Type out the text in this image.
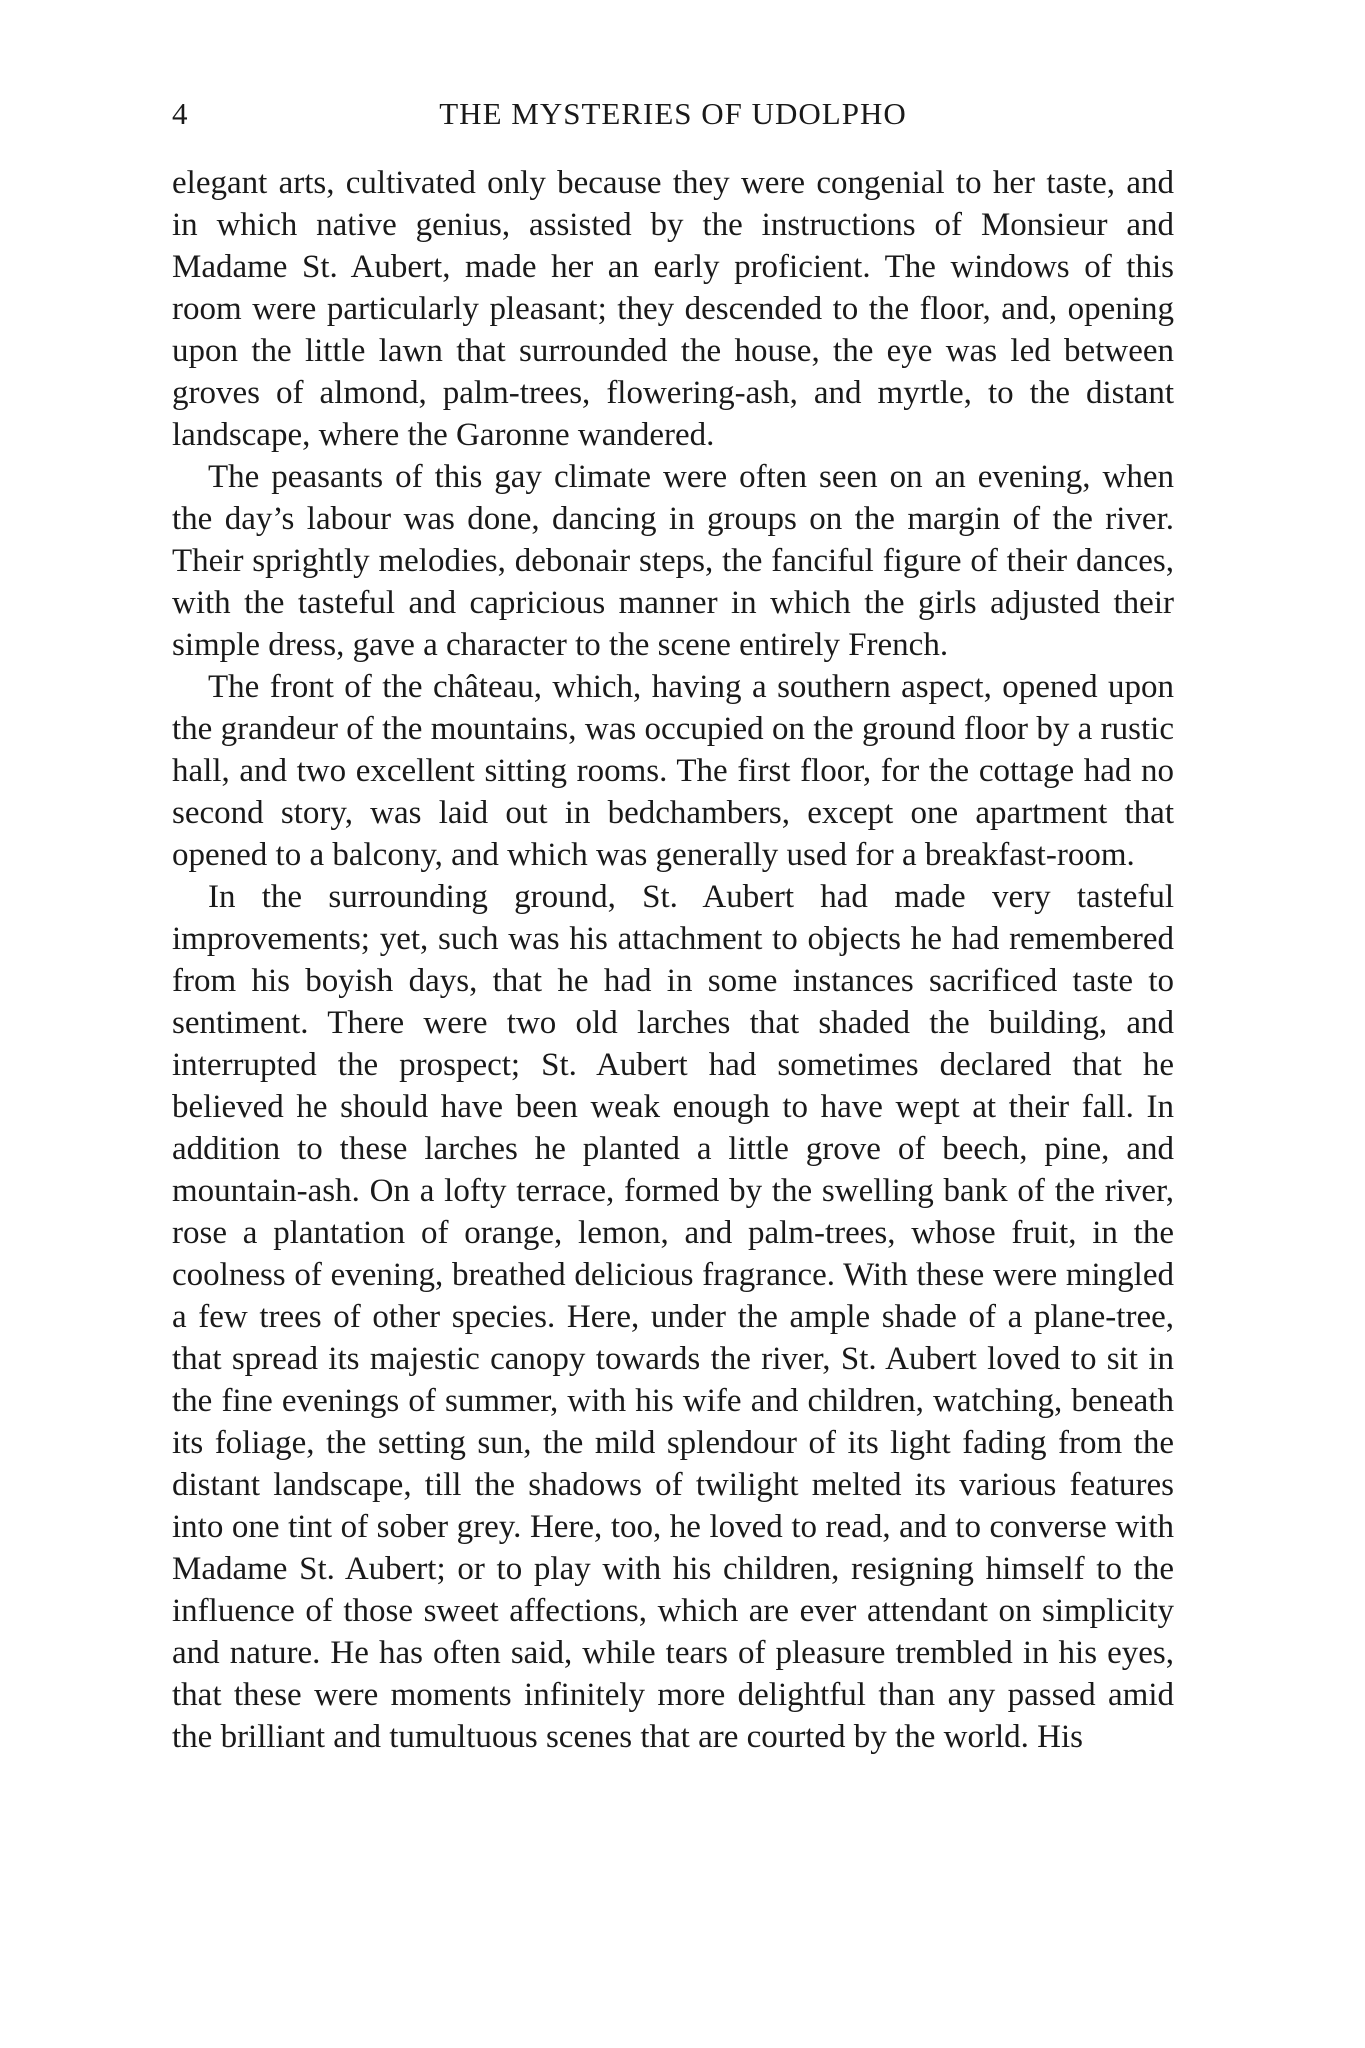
4	THE MYSTERIES OF UDOLPHO

elegant arts, cultivated only because they were congenial to her taste, and in which native genius, assisted by the instructions of Monsieur and Madame St. Aubert, made her an early proficient. The windows of this room were particularly pleasant; they descended to the floor, and, opening upon the little lawn that surrounded the house, the eye was led between groves of almond, palm-trees, flowering-ash, and myrtle, to the distant landscape, where the Garonne wandered.

The peasants of this gay climate were often seen on an evening, when the day’s labour was done, dancing in groups on the margin of the river. Their sprightly melodies, debonair steps, the fanciful figure of their dances, with the tasteful and capricious manner in which the girls adjusted their simple dress, gave a character to the scene entirely French.

The front of the château, which, having a southern aspect, opened upon the grandeur of the mountains, was occupied on the ground floor by a rustic hall, and two excellent sitting rooms. The first floor, for the cottage had no second story, was laid out in bedchambers, except one apartment that opened to a balcony, and which was generally used for a breakfast-room.

In the surrounding ground, St. Aubert had made very tasteful improvements; yet, such was his attachment to objects he had remembered from his boyish days, that he had in some instances sacrificed taste to sentiment. There were two old larches that shaded the building, and interrupted the prospect; St. Aubert had sometimes declared that he believed he should have been weak enough to have wept at their fall. In addition to these larches he planted a little grove of beech, pine, and mountain-ash. On a lofty terrace, formed by the swelling bank of the river, rose a plantation of orange, lemon, and palm-trees, whose fruit, in the coolness of evening, breathed delicious fragrance. With these were mingled a few trees of other species. Here, under the ample shade of a plane-tree, that spread its majestic canopy towards the river, St. Aubert loved to sit in the fine evenings of summer, with his wife and children, watching, beneath its foliage, the setting sun, the mild splendour of its light fading from the distant landscape, till the shadows of twilight melted its various features into one tint of sober grey. Here, too, he loved to read, and to converse with Madame St. Aubert; or to play with his children, resigning himself to the influence of those sweet affections, which are ever attendant on simplicity and nature. He has often said, while tears of pleasure trembled in his eyes, that these were moments infinitely more delightful than any passed amid the brilliant and tumultuous scenes that are courted by the world. His
